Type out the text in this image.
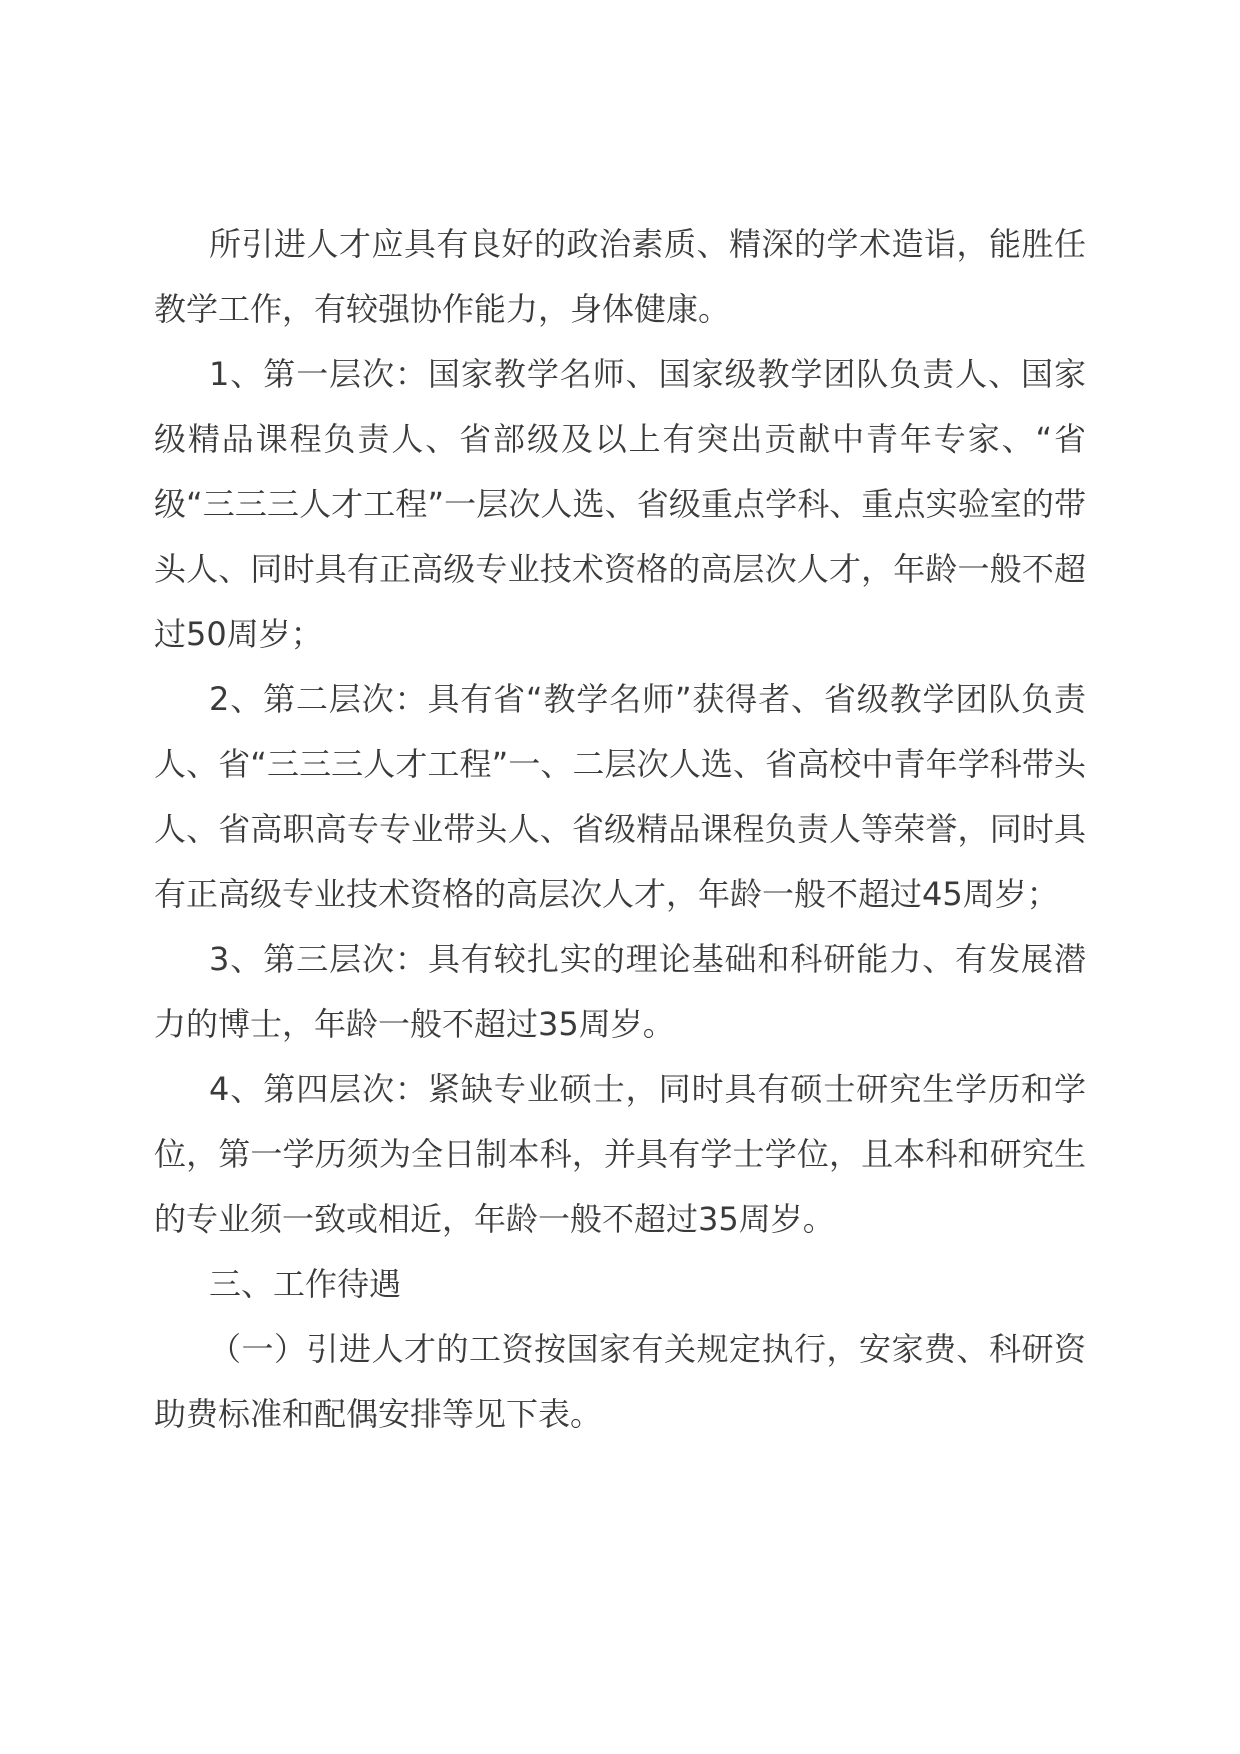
所引进人才应具有良好的政治素质、精深的学术造诣，能胜任教学工作，有较强协作能力，身体健康。

1、第一层次：国家教学名师、国家级教学团队负责人、国家级精品课程负责人、省部级及以上有突出贡献中青年专家、“省级“三三三人才工程”一层次人选、省级重点学科、重点实验室的带头人、同时具有正高级专业技术资格的高层次人才，年龄一般不超过50周岁；

2、第二层次：具有省“教学名师”获得者、省级教学团队负责人、省“三三三人才工程”一、二层次人选、省高校中青年学科带头人、省高职高专专业带头人、省级精品课程负责人等荣誉，同时具有正高级专业技术资格的高层次人才，年龄一般不超过45周岁；

3、第三层次：具有较扎实的理论基础和科研能力、有发展潜力的博士，年龄一般不超过35周岁。

4、第四层次：紧缺专业硕士，同时具有硕士研究生学历和学位，第一学历须为全日制本科，并具有学士学位，且本科和研究生的专业须一致或相近，年龄一般不超过35周岁。

三、工作待遇

（一）引进人才的工资按国家有关规定执行，安家费、科研资助费标准和配偶安排等见下表。
